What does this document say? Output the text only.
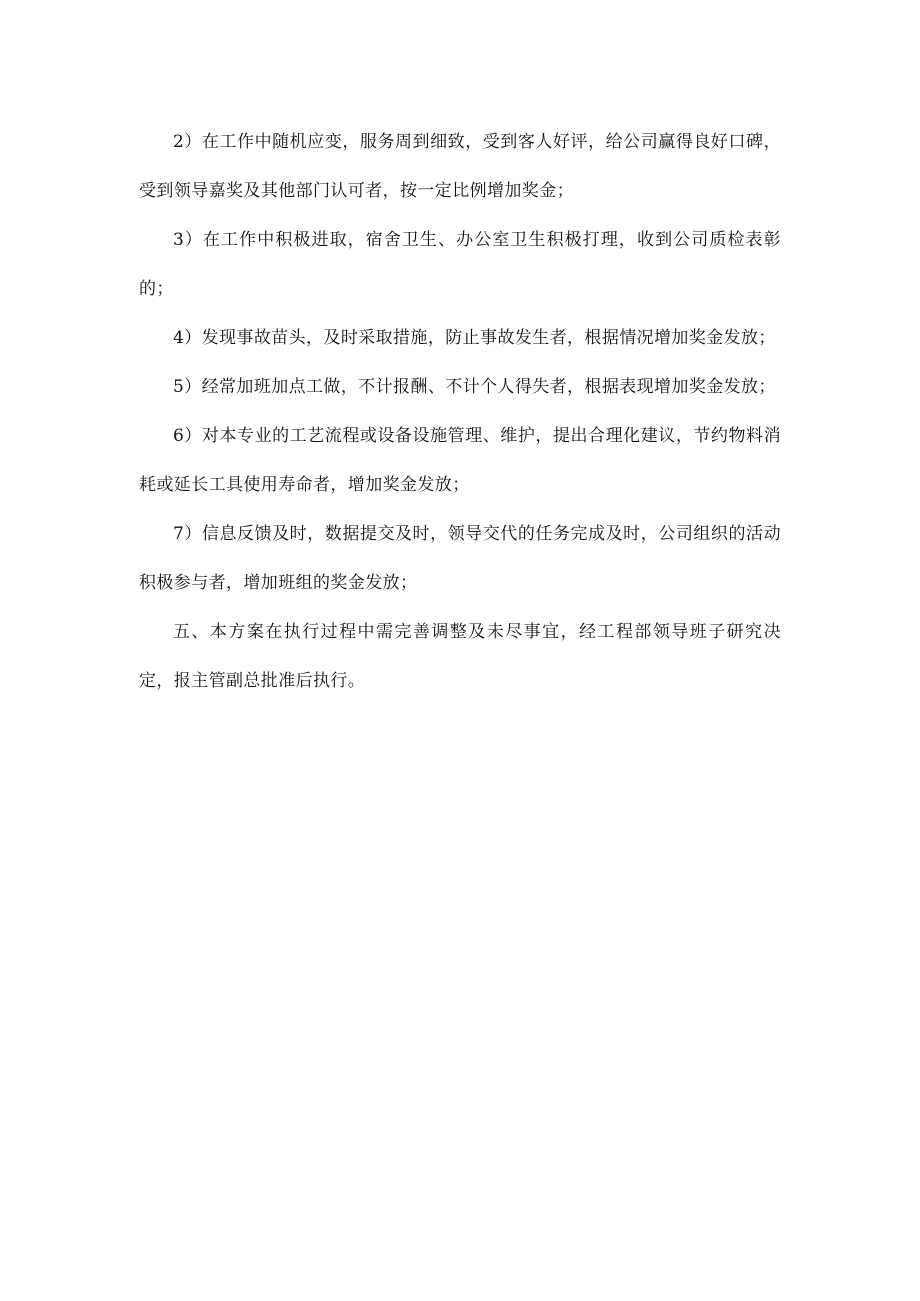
2）在工作中随机应变，服务周到细致，受到客人好评，给公司赢得良好口碑，受到领导嘉奖及其他部门认可者，按一定比例增加奖金；

3）在工作中积极进取，宿舍卫生、办公室卫生积极打理，收到公司质检表彰的；

4）发现事故苗头，及时采取措施，防止事故发生者，根据情况增加奖金发放；

5）经常加班加点工做，不计报酬、不计个人得失者，根据表现增加奖金发放；

6）对本专业的工艺流程或设备设施管理、维护，提出合理化建议，节约物料消耗或延长工具使用寿命者，增加奖金发放；

7）信息反馈及时，数据提交及时，领导交代的任务完成及时，公司组织的活动积极参与者，增加班组的奖金发放；

五、本方案在执行过程中需完善调整及未尽事宜，经工程部领导班子研究决定，报主管副总批准后执行。
